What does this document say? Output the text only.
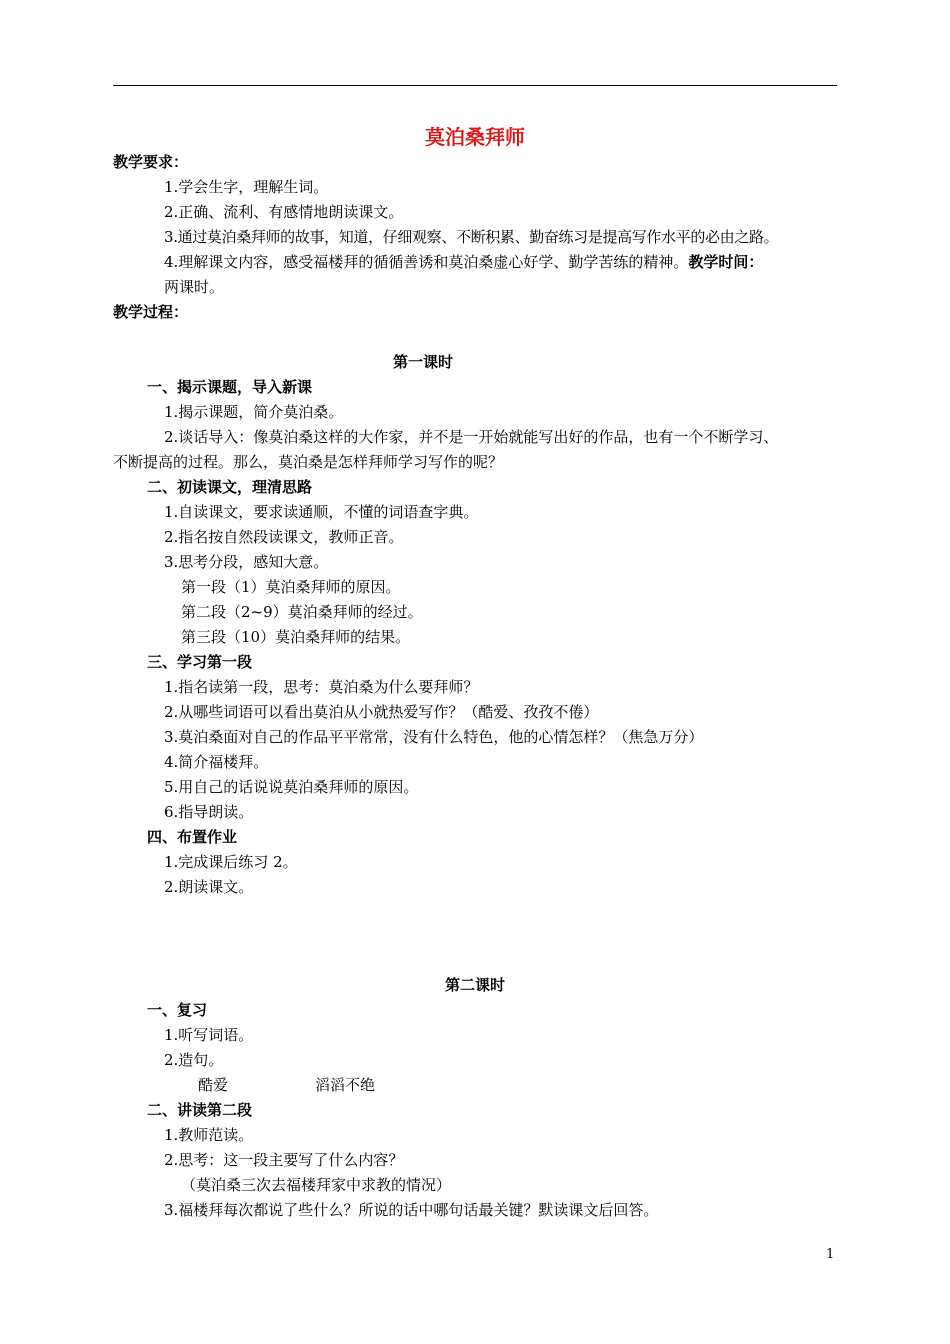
莫泊桑拜师
教学要求：
1.学会生字，理解生词。
2.正确、流利、有感情地朗读课文。
3.通过莫泊桑拜师的故事，知道，仔细观察、不断积累、勤奋练习是提高写作水平的必由之路。
4.理解课文内容，感受福楼拜的循循善诱和莫泊桑虚心好学、勤学苦练的精神。教学时间：
两课时。
教学过程：
第一课时
一、揭示课题，导入新课
1.揭示课题，简介莫泊桑。
2.谈话导入：像莫泊桑这样的大作家，并不是一开始就能写出好的作品，也有一个不断学习、
不断提高的过程。那么，莫泊桑是怎样拜师学习写作的呢？
二、初读课文，理清思路
1.自读课文，要求读通顺，不懂的词语查字典。
2.指名按自然段读课文，教师正音。
3.思考分段，感知大意。
第一段（1）莫泊桑拜师的原因。
第二段（2~9）莫泊桑拜师的经过。
第三段（10）莫泊桑拜师的结果。
三、学习第一段
1.指名读第一段，思考：莫泊桑为什么要拜师？
2.从哪些词语可以看出莫泊从小就热爱写作？（酷爱、孜孜不倦）
3.莫泊桑面对自己的作品平平常常，没有什么特色，他的心情怎样？（焦急万分）
4.简介福楼拜。
5.用自己的话说说莫泊桑拜师的原因。
6.指导朗读。
四、布置作业
1.完成课后练习 2。
2.朗读课文。
第二课时
一、复习
1.听写词语。
2.造句。
酷爱	滔滔不绝
二、讲读第二段
1.教师范读。
2.思考：这一段主要写了什么内容？
（莫泊桑三次去福楼拜家中求教的情况）
3.福楼拜每次都说了些什么？所说的话中哪句话最关键？默读课文后回答。
1
